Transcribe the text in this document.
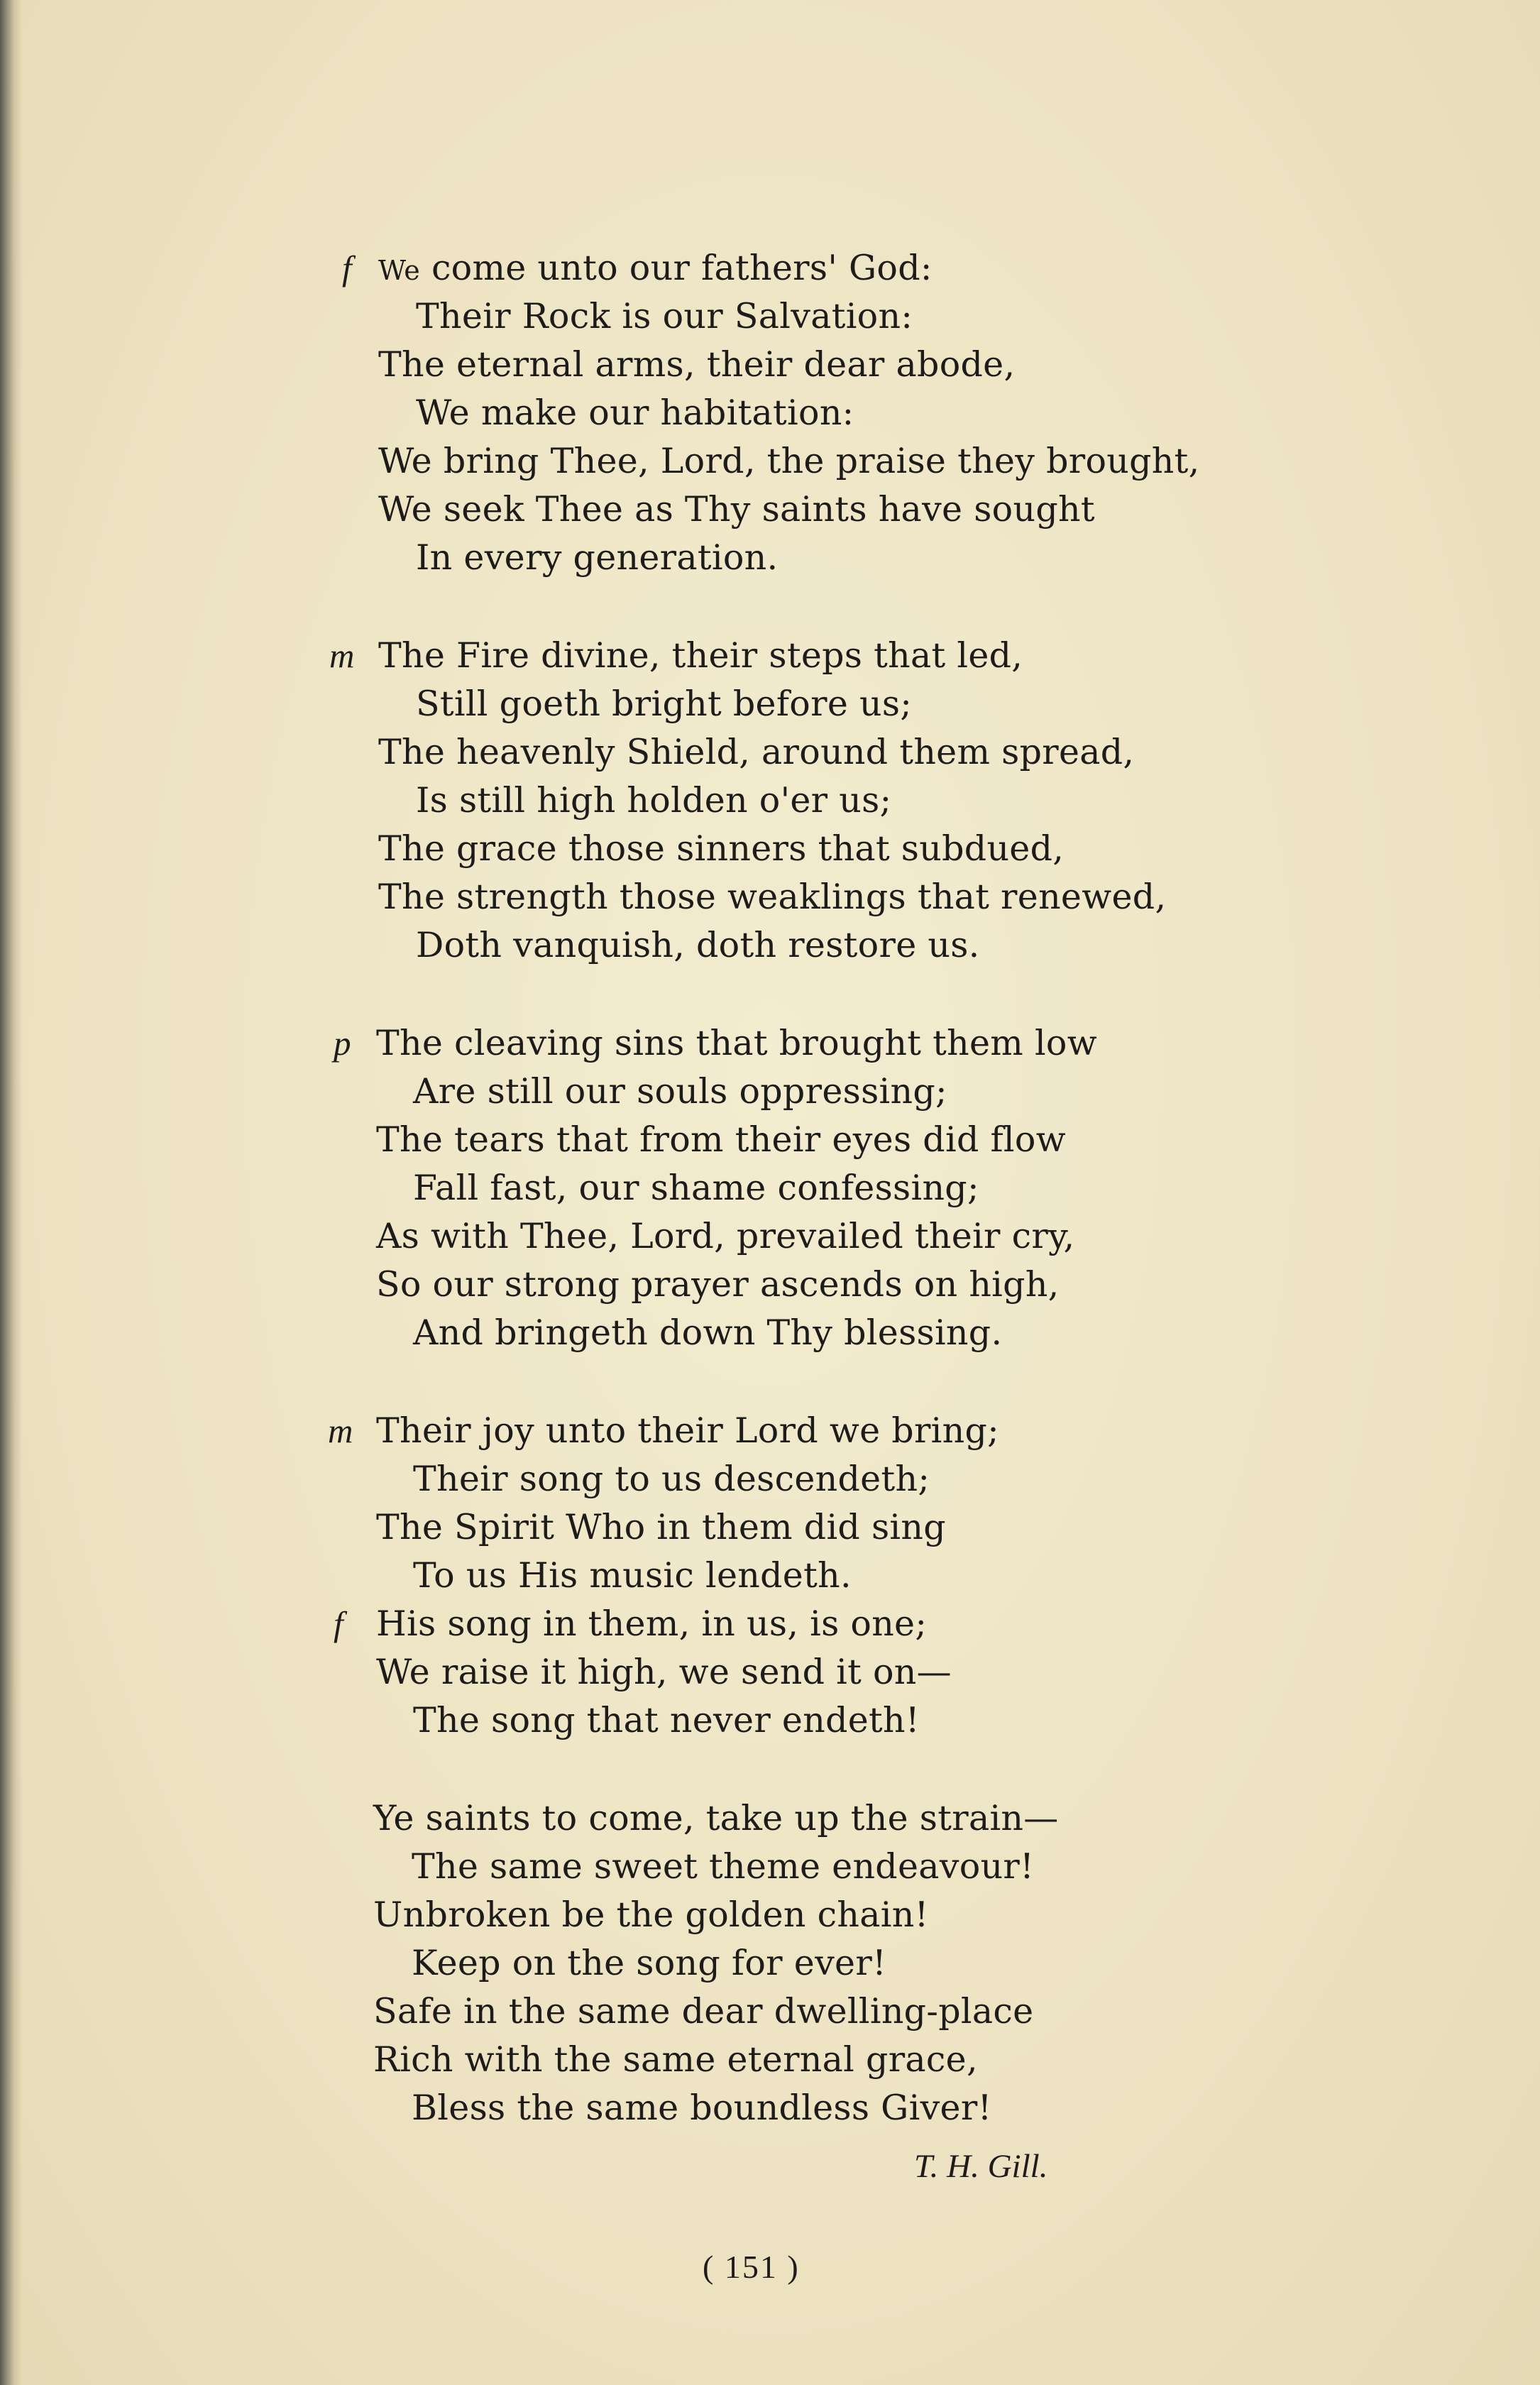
f We come unto our fathers' God:
Their Rock is our Salvation:
The eternal arms, their dear abode,
We make our habitation:
We bring Thee, Lord, the praise they brought,
We seek Thee as Thy saints have sought
In every generation.
m The Fire divine, their steps that led,
Still goeth bright before us;
The heavenly Shield, around them spread,
Is still high holden o'er us;
The grace those sinners that subdued,
The strength those weaklings that renewed,
Doth vanquish, doth restore us.
p The cleaving sins that brought them low
Are still our souls oppressing;
The tears that from their eyes did flow
Fall fast, our shame confessing;
As with Thee, Lord, prevailed their cry,
So our strong prayer ascends on high,
And bringeth down Thy blessing.
m Their joy unto their Lord we bring;
Their song to us descendeth;
The Spirit Who in them did sing
To us His music lendeth.
f His song in them, in us, is one;
We raise it high, we send it on—
The song that never endeth!
Ye saints to come, take up the strain—
The same sweet theme endeavour!
Unbroken be the golden chain!
Keep on the song for ever!
Safe in the same dear dwelling-place
Rich with the same eternal grace,
Bless the same boundless Giver!
T. H. Gill.
( 151 )
